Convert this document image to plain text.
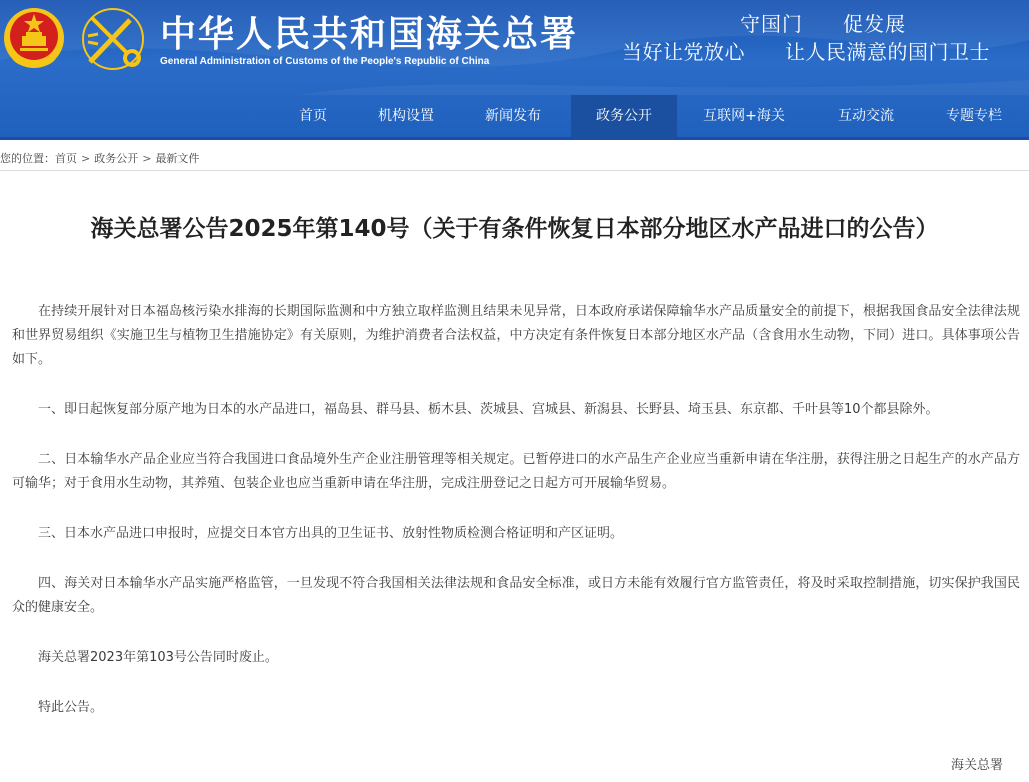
中华人民共和国海关总署
General Administration of Customs of the People's Republic of China
守国门 促发展
当好让党放心 让人民满意的国门卫士
首页	机构设置	新闻发布	政务公开	互联网+海关	互动交流	专题专栏
您的位置：首页 > 政务公开 > 最新文件
海关总署公告2025年第140号（关于有条件恢复日本部分地区水产品进口的公告）

在持续开展针对日本福岛核污染水排海的长期国际监测和中方独立取样监测且结果未见异常，日本政府承诺保障输华水产品质量安全的前提下，根据我国食品安全法律法规和世界贸易组织《实施卫生与植物卫生措施协定》有关原则，为维护消费者合法权益，中方决定有条件恢复日本部分地区水产品（含食用水生动物，下同）进口。具体事项公告如下。

一、即日起恢复部分原产地为日本的水产品进口，福岛县、群马县、栃木县、茨城县、宫城县、新潟县、长野县、埼玉县、东京都、千叶县等10个都县除外。

二、日本输华水产品企业应当符合我国进口食品境外生产企业注册管理等相关规定。已暂停进口的水产品生产企业应当重新申请在华注册，获得注册之日起生产的水产品方可输华；对于食用水生动物，其养殖、包装企业也应当重新申请在华注册，完成注册登记之日起方可开展输华贸易。

三、日本水产品进口申报时，应提交日本官方出具的卫生证书、放射性物质检测合格证明和产区证明。

四、海关对日本输华水产品实施严格监管，一旦发现不符合我国相关法律法规和食品安全标准，或日方未能有效履行官方监管责任，将及时采取控制措施，切实保护我国民众的健康安全。

海关总署2023年第103号公告同时废止。

特此公告。

海关总署
